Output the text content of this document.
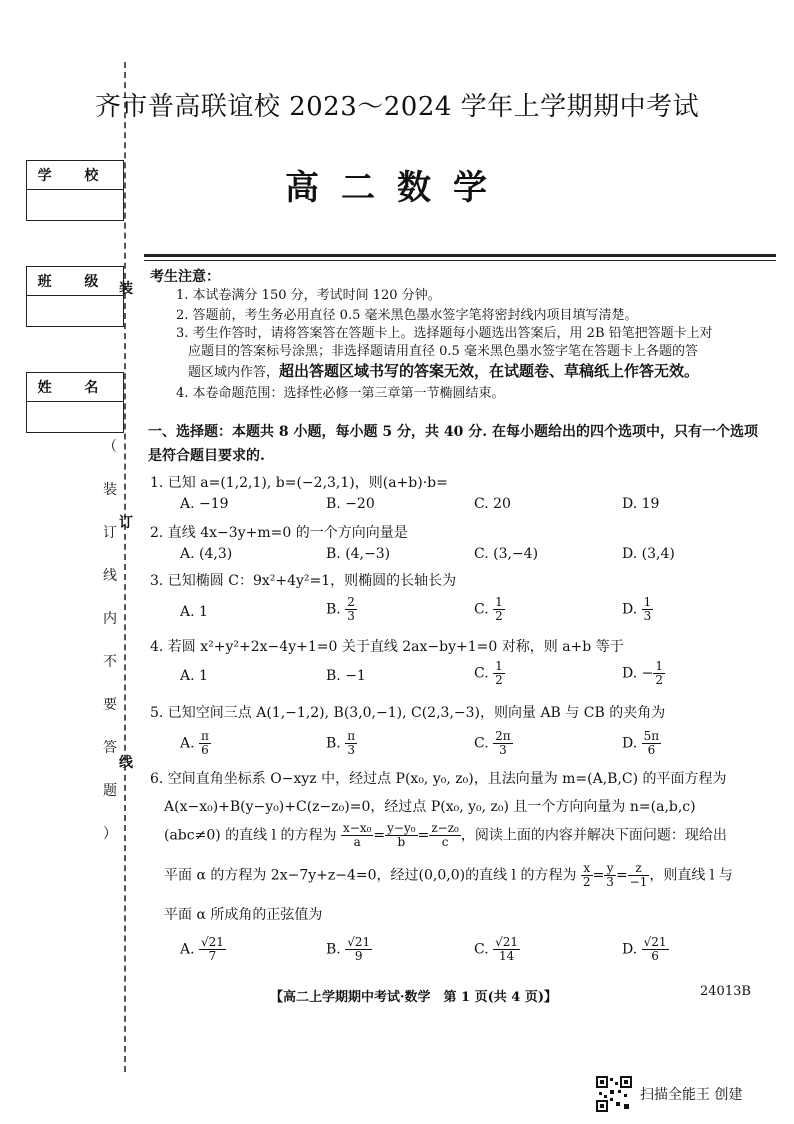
学 校
班 级
姓 名
装
订
线
（
装
订
线
内
不
要
答
题
）
齐市普高联谊校 2023～2024 学年上学期期中考试
高二数学
考生注意：
1. 本试卷满分 150 分，考试时间 120 分钟。
2. 答题前，考生务必用直径 0.5 毫米黑色墨水签字笔将密封线内项目填写清楚。
3. 考生作答时，请将答案答在答题卡上。选择题每小题选出答案后，用 2B 铅笔把答题卡上对
应题目的答案标号涂黑；非选择题请用直径 0.5 毫米黑色墨水签字笔在答题卡上各题的答
题区域内作答，超出答题区域书写的答案无效，在试题卷、草稿纸上作答无效。
4. 本卷命题范围：选择性必修一第三章第一节椭圆结束。
一、选择题：本题共 8 小题，每小题 5 分，共 40 分. 在每小题给出的四个选项中，只有一个选项是符合题目要求的.
1. 已知 a=(1,2,1), b=(−2,3,1)，则(a+b)·b=
A. −19	B. −20	C. 20	D. 19
2. 直线 4x−3y+m=0 的一个方向向量是
A. (4,3)	B. (4,−3)	C. (3,−4)	D. (3,4)
3. 已知椭圆 C：9x²+4y²=1，则椭圆的长轴长为
A. 1	B. $\frac{2}{3}$	C. $\frac{1}{2}$	D. $\frac{1}{3}$
4. 若圆 x²+y²+2x−4y+1=0 关于直线 2ax−by+1=0 对称，则 a+b 等于
A. 1	B. −1	C. $\frac{1}{2}$	D. − $\frac{1}{2}$
5. 已知空间三点 A(1,−1,2), B(3,0,−1), C(2,3,−3)，则向量 AB 与 CB 的夹角为
A. $\frac{\pi}{6}$	B. $\frac{\pi}{3}$	C. $\frac{2\pi}{3}$	D. $\frac{5\pi}{6}$
6. 空间直角坐标系 O−xyz 中，经过点 P(x₀, y₀, z₀)，且法向量为 m=(A,B,C) 的平面方程为
A(x−x₀)+B(y−y₀)+C(z−z₀)=0，经过点 P(x₀, y₀, z₀) 且一个方向向量为 n=(a,b,c)
(abc≠0) 的直线 l 的方程为 $\frac{\text{x−x₀}}{a} = \frac{\text{y−y₀}}{b} = \frac{\text{z−z₀}}{c}$ ，阅读上面的内容并解决下面问题：现给出
平面 α 的方程为 2x−7y+z−4=0，经过(0,0,0)的直线 l 的方程为 $\frac{x}{2} = \frac{y}{3} = \frac{z}{-1}$ ，则直线 l 与
平面 α 所成角的正弦值为
A. $\frac{√21}{7}$	B. $\frac{√21}{9}$	C. $\frac{√21}{14}$	D. $\frac{√21}{6}$
【高二上学期期中考试·数学　第 1 页(共 4 页)】	24013B
扫描全能王 创建
